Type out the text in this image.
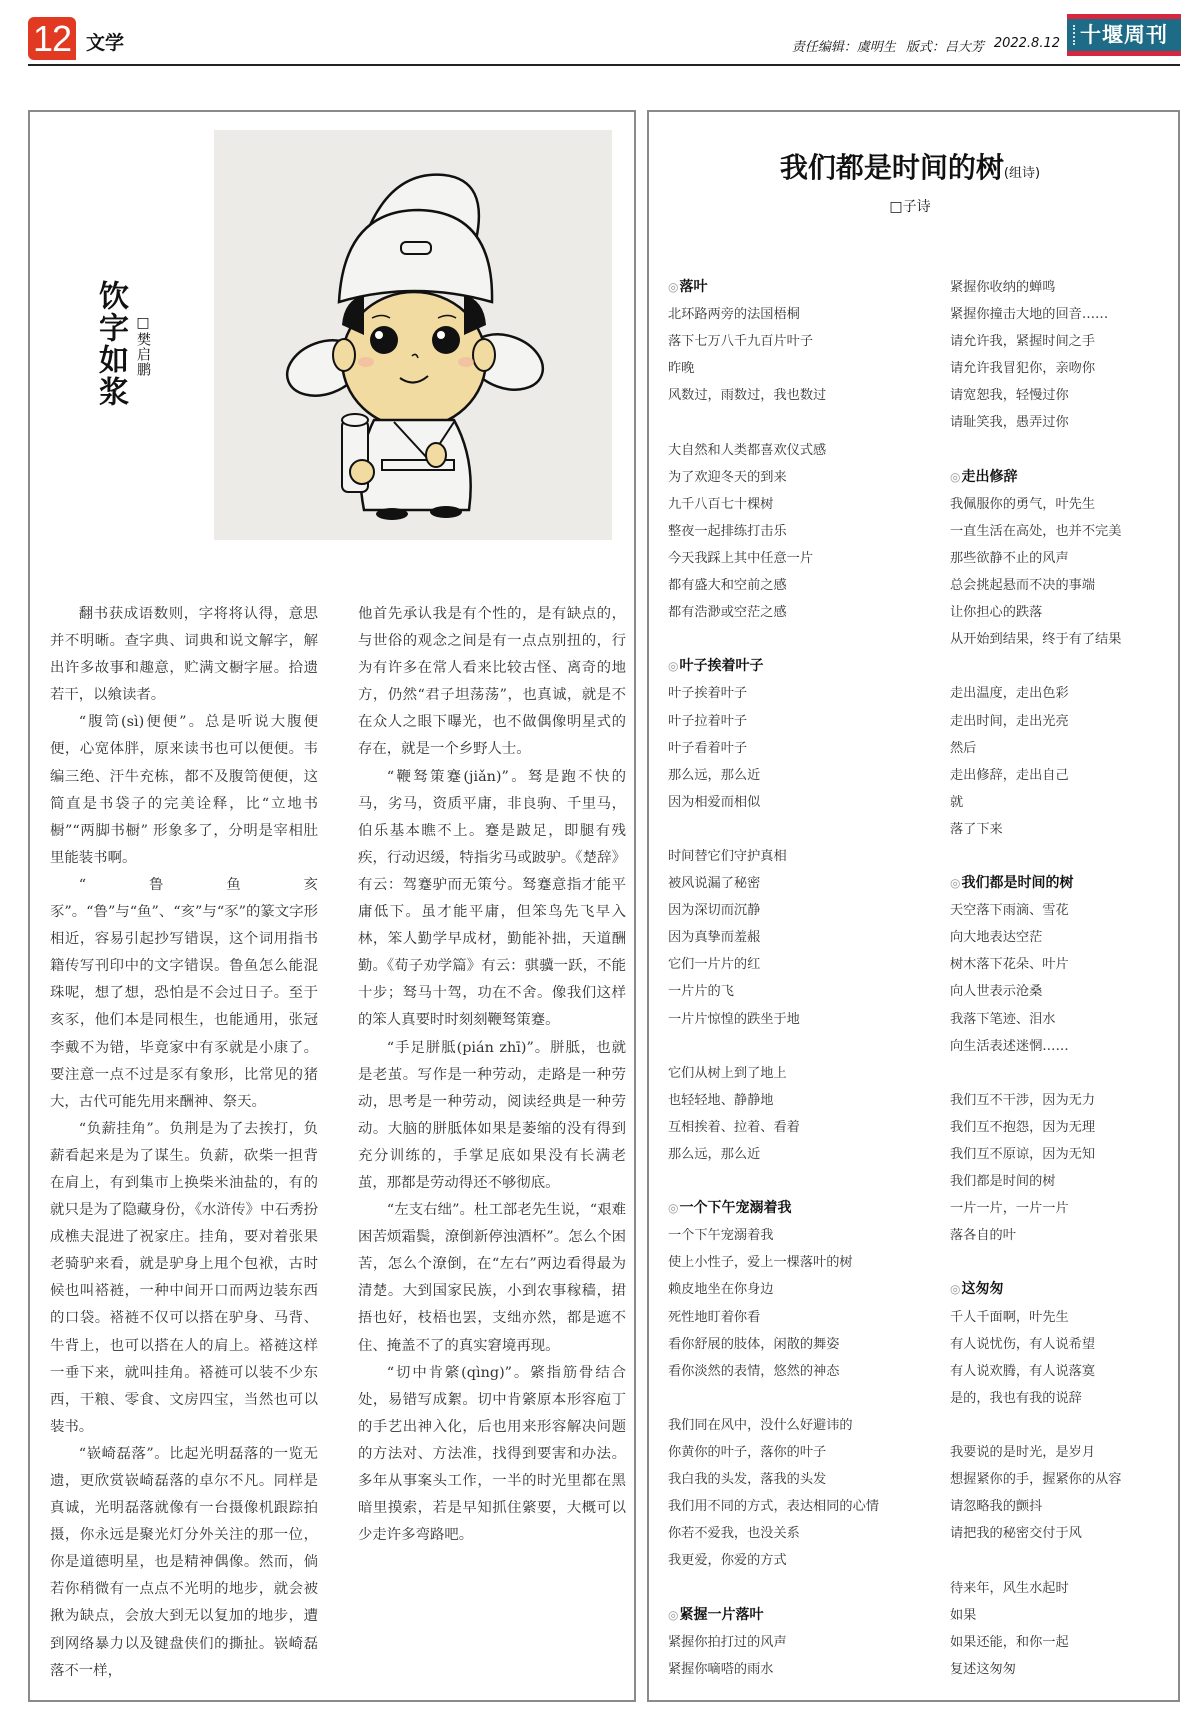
12 文学	责任编辑：虞明生 版式：吕大芳 2022.8.12 十堰周刊
饮字如浆 □樊启鹏

翻书获成语数则，字将将认得，意思并不明晰。查字典、词典和说文解字，解出许多故事和趣意，贮满文橱字屉。拾遗若干，以飨读者。

“腹笥(sì)便便”。总是听说大腹便便，心宽体胖，原来读书也可以便便。韦编三绝、汗牛充栋，都不及腹笥便便，这简直是书袋子的完美诠释，比“立地书橱”“两脚书橱” 形象多了，分明是宰相肚里能装书啊。

“鲁鱼亥豕”。“鲁”与“鱼”、“亥”与“豕”的篆文字形相近，容易引起抄写错误，这个词用指书籍传写刊印中的文字错误。鲁鱼怎么能混珠呢，想了想，恐怕是不会过日子。至于亥豕，他们本是同根生，也能通用，张冠李戴不为错，毕竟家中有豕就是小康了。要注意一点不过是豕有象形，比常见的猪大，古代可能先用来酬神、祭天。

“负薪挂角”。负荆是为了去挨打，负薪看起来是为了谋生。负薪，砍柴一担背在肩上，有到集市上换柴米油盐的，有的就只是为了隐藏身份，《水浒传》中石秀扮成樵夫混进了祝家庄。挂角，要对着张果老骑驴来看，就是驴身上甩个包袱，古时候也叫褡裢，一种中间开口而两边装东西的口袋。褡裢不仅可以搭在驴身、马背、牛背上，也可以搭在人的肩上。褡裢这样一垂下来，就叫挂角。褡裢可以装不少东西，干粮、零食、文房四宝，当然也可以装书。

“嵚崎磊落”。比起光明磊落的一览无遗，更欣赏嵚崎磊落的卓尔不凡。同样是真诚，光明磊落就像有一台摄像机跟踪拍摄，你永远是聚光灯分外关注的那一位，你是道德明星，也是精神偶像。然而，倘若你稍微有一点点不光明的地步，就会被揪为缺点，会放大到无以复加的地步，遭到网络暴力以及键盘侠们的撕扯。嵚崎磊落不一样，

他首先承认我是有个性的，是有缺点的，与世俗的观念之间是有一点点别扭的，行为有许多在常人看来比较古怪、离奇的地方，仍然“君子坦荡荡”，也真诚，就是不在众人之眼下曝光，也不做偶像明星式的存在，就是一个乡野人士。

“鞭驽策蹇(jiǎn)”。驽是跑不快的马，劣马，资质平庸，非良驹、千里马，伯乐基本瞧不上。蹇是跛足，即腿有残疾，行动迟缓，特指劣马或跛驴。《楚辞》有云：驾蹇驴而无策兮。驽蹇意指才能平庸低下。虽才能平庸，但笨鸟先飞早入林，笨人勤学早成材，勤能补拙，天道酬勤。《荀子劝学篇》有云：骐骥一跃，不能十步；驽马十驾，功在不舍。像我们这样的笨人真要时时刻刻鞭驽策蹇。

“手足胼胝(pián zhī)”。胼胝，也就是老茧。写作是一种劳动，走路是一种劳动，思考是一种劳动，阅读经典是一种劳动。大脑的胼胝体如果是萎缩的没有得到充分训练的，手掌足底如果没有长满老茧，那都是劳动得还不够彻底。

“左支右绌”。杜工部老先生说，“艰难困苦烦霜鬓，潦倒新停浊酒杯”。怎么个困苦，怎么个潦倒，在“左右”两边看得最为清楚。大到国家民族，小到农事稼穑，捃捂也好，枝梧也罢，支绌亦然，都是遮不住、掩盖不了的真实窘境再现。

“切中肯綮(qìng)”。綮指筋骨结合处，易错写成絮。切中肯綮原本形容庖丁的手艺出神入化，后也用来形容解决问题的方法对、方法准，找得到要害和办法。多年从事案头工作，一半的时光里都在黑暗里摸索，若是早知抓住綮要，大概可以少走许多弯路吧。

我们都是时间的树(组诗)
□子诗
◎落叶
北环路两旁的法国梧桐
落下七万八千九百片叶子
昨晚
风数过，雨数过，我也数过
大自然和人类都喜欢仪式感
为了欢迎冬天的到来
九千八百七十棵树
整夜一起排练打击乐
今天我踩上其中任意一片
都有盛大和空前之感
都有浩渺或空茫之感
◎叶子挨着叶子
叶子挨着叶子
叶子拉着叶子
叶子看着叶子
那么远，那么近
因为相爱而相似
时间替它们守护真相
被风说漏了秘密
因为深切而沉静
因为真挚而羞赧
它们一片片的红
一片片的飞
一片片惊惶的跌坐于地
它们从树上到了地上
也轻轻地、静静地
互相挨着、拉着、看着
那么远，那么近
◎一个下午宠溺着我
一个下午宠溺着我
使上小性子，爱上一棵落叶的树
赖皮地坐在你身边
死性地盯着你看
看你舒展的肢体，闲散的舞姿
看你淡然的表情，悠然的神态
我们同在风中，没什么好避讳的
你黄你的叶子，落你的叶子
我白我的头发，落我的头发
我们用不同的方式，表达相同的心情
你若不爱我，也没关系
我更爱，你爱的方式
◎紧握一片落叶
紧握你拍打过的风声
紧握你嘀嗒的雨水
紧握你收纳的蝉鸣
紧握你撞击大地的回音……
请允许我，紧握时间之手
请允许我冒犯你，亲吻你
请宽恕我，轻慢过你
请耻笑我，愚弄过你
◎走出修辞
我佩服你的勇气，叶先生
一直生活在高处，也并不完美
那些欲静不止的风声
总会挑起悬而不决的事端
让你担心的跌落
从开始到结果，终于有了结果
走出温度，走出色彩
走出时间，走出光亮
然后
走出修辞，走出自己
就
落了下来
◎我们都是时间的树
天空落下雨滴、雪花
向大地表达空茫
树木落下花朵、叶片
向人世表示沧桑
我落下笔迹、泪水
向生活表述迷惘……
我们互不干涉，因为无力
我们互不抱怨，因为无理
我们互不原谅，因为无知
我们都是时间的树
一片一片，一片一片
落各自的叶
◎这匆匆
千人千面啊，叶先生
有人说忧伤，有人说希望
有人说欢腾，有人说落寞
是的，我也有我的说辞
我要说的是时光，是岁月
想握紧你的手，握紧你的从容
请忽略我的颤抖
请把我的秘密交付于风
待来年，风生水起时
如果
如果还能，和你一起
复述这匆匆
